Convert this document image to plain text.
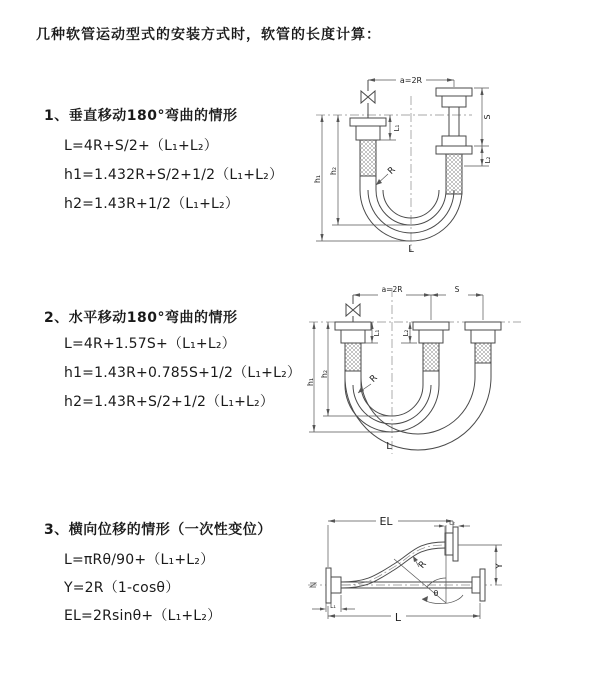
几种软管运动型式的安装方式时，软管的长度计算：
1、垂直移动180°弯曲的情形
L=4R+S/2+（L₁+L₂）
h1=1.432R+S/2+1/2（L₁+L₂）
h2=1.43R+1/2（L₁+L₂）
2、水平移动180°弯曲的情形
L=4R+1.57S+（L₁+L₂）
h1=1.43R+0.785S+1/2（L₁+L₂）
h2=1.43R+S/2+1/2（L₁+L₂）
3、横向位移的情形（一次性变位）
L=πRθ/90+（L₁+L₂）
Y=2R（1-cosθ）
EL=2Rsinθ+（L₁+L₂）
a=2R
h₁
h₂
L₁
S
L₂
R
L
a=2R	S
h₁
h₂
L₁	L₂
R
L
EL	L₂
Y
R
θ
L₁
L
